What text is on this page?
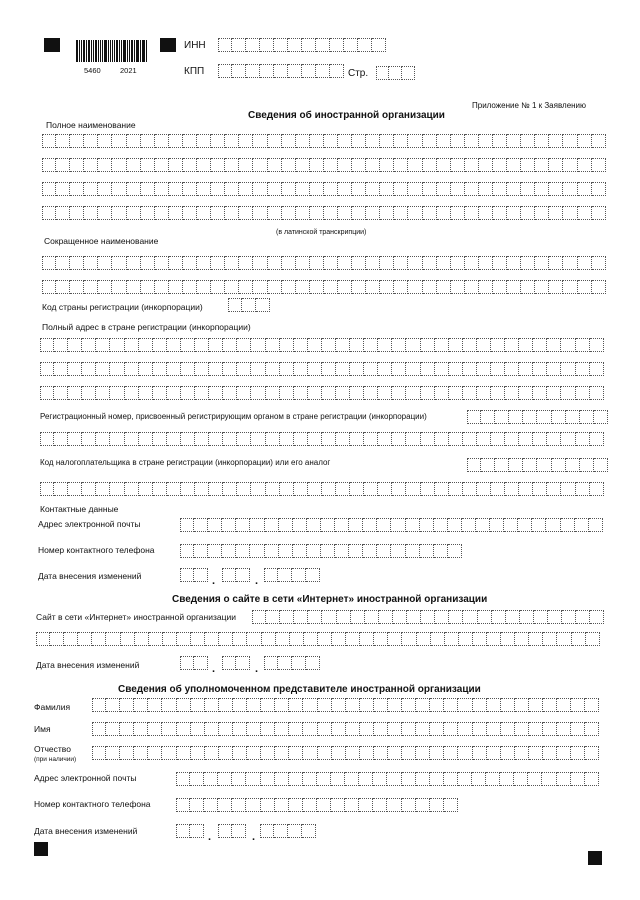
5460	2021
ИНН
КПП	Стр.
Приложение № 1 к Заявлению
Сведения об иностранной организации
Полное наименование
(в латинской транскрипции)
Сокращенное наименование
Код страны регистрации (инкорпорации)
Полный адрес в стране регистрации (инкорпорации)
Регистрационный номер, присвоенный регистрирующим органом в стране регистрации (инкорпорации)
Код налогоплательщика в стране регистрации (инкорпорации) или его аналог
Контактные данные
Адрес электронной почты
Номер контактного телефона
Дата внесения изменений	.	.
Сведения о сайте в сети «Интернет» иностранной организации
Сайт в сети «Интернет» иностранной организации
Дата внесения изменений	.	.
Сведения об уполномоченном представителе иностранной организации
Фамилия
Имя
Отчество
(при наличии)
Адрес электронной почты
Номер контактного телефона
Дата внесения изменений	.	.
